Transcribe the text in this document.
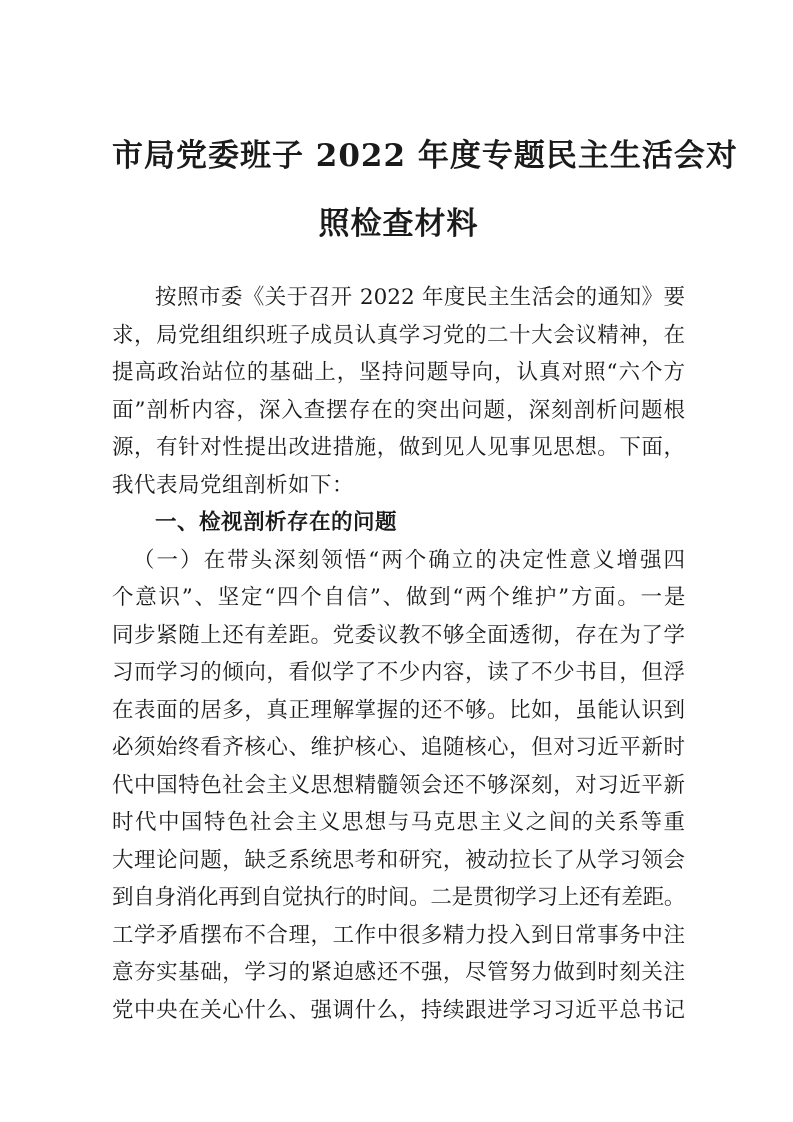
市局党委班子 2022 年度专题民主生活会对
照检查材料
按照市委《关于召开 2022 年度民主生活会的通知》要
求，局党组组织班子成员认真学习党的二十大会议精神，在
提高政治站位的基础上，坚持问题导向，认真对照“六个方
面”剖析内容，深入查摆存在的突出问题，深刻剖析问题根
源，有针对性提出改进措施，做到见人见事见思想。下面，
我代表局党组剖析如下：
一、检视剖析存在的问题
（一）在带头深刻领悟“两个确立的决定性意义增强四
个意识”、坚定“四个自信”、做到“两个维护”方面。一是
同步紧随上还有差距。党委议教不够全面透彻，存在为了学
习而学习的倾向，看似学了不少内容，读了不少书目，但浮
在表面的居多，真正理解掌握的还不够。比如，虽能认识到
必须始终看齐核心、维护核心、追随核心，但对习近平新时
代中国特色社会主义思想精髓领会还不够深刻，对习近平新
时代中国特色社会主义思想与马克思主义之间的关系等重
大理论问题，缺乏系统思考和研究，被动拉长了从学习领会
到自身消化再到自觉执行的时间。二是贯彻学习上还有差距。
工学矛盾摆布不合理，工作中很多精力投入到日常事务中注
意夯实基础，学习的紧迫感还不强，尽管努力做到时刻关注
党中央在关心什么、强调什么，持续跟进学习习近平总书记
